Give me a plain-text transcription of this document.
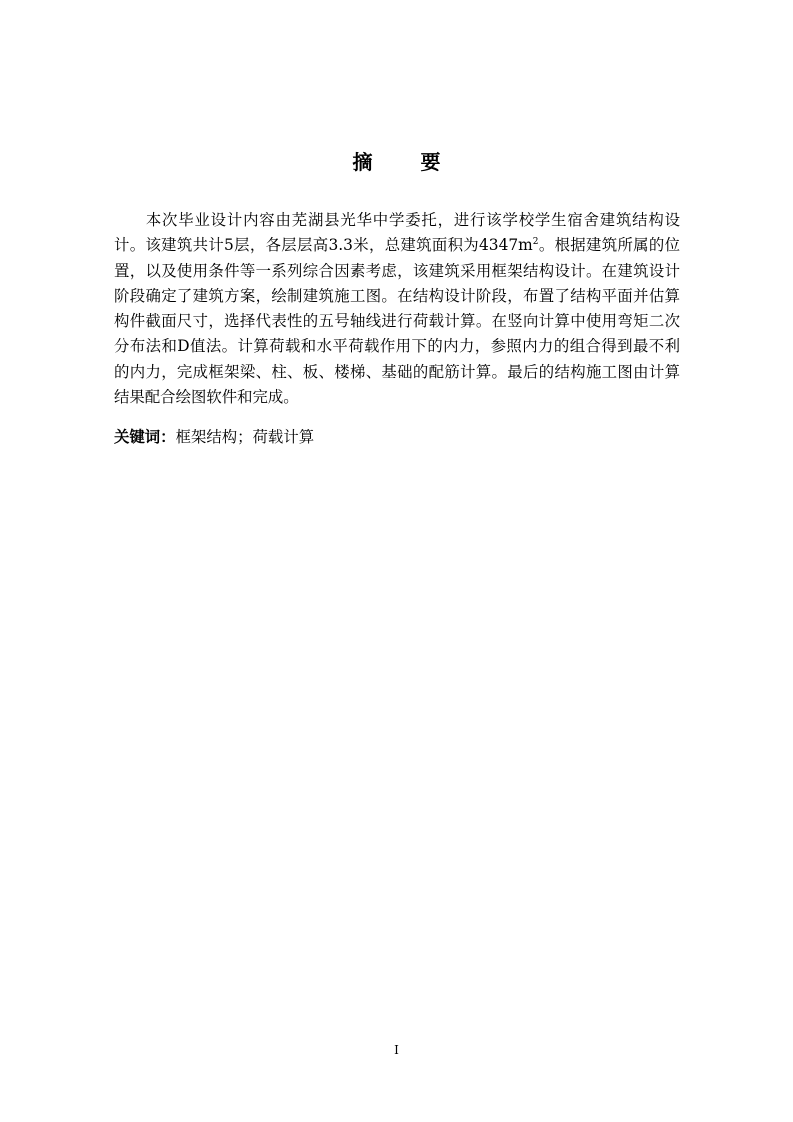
摘　要

本次毕业设计内容由芜湖县光华中学委托，进行该学校学生宿舍建筑结构设计。该建筑共计5层，各层层高3.3米，总建筑面积为$4347m^2$。根据建筑所属的位置，以及使用条件等一系列综合因素考虑，该建筑采用框架结构设计。在建筑设计阶段确定了建筑方案，绘制建筑施工图。在结构设计阶段，布置了结构平面并估算构件截面尺寸，选择代表性的五号轴线进行荷载计算。在竖向计算中使用弯矩二次分布法和D值法。计算荷载和水平荷载作用下的内力，参照内力的组合得到最不利的内力，完成框架梁、柱、板、楼梯、基础的配筋计算。最后的结构施工图由计算结果配合绘图软件和完成。

关键词：框架结构；荷载计算

I
